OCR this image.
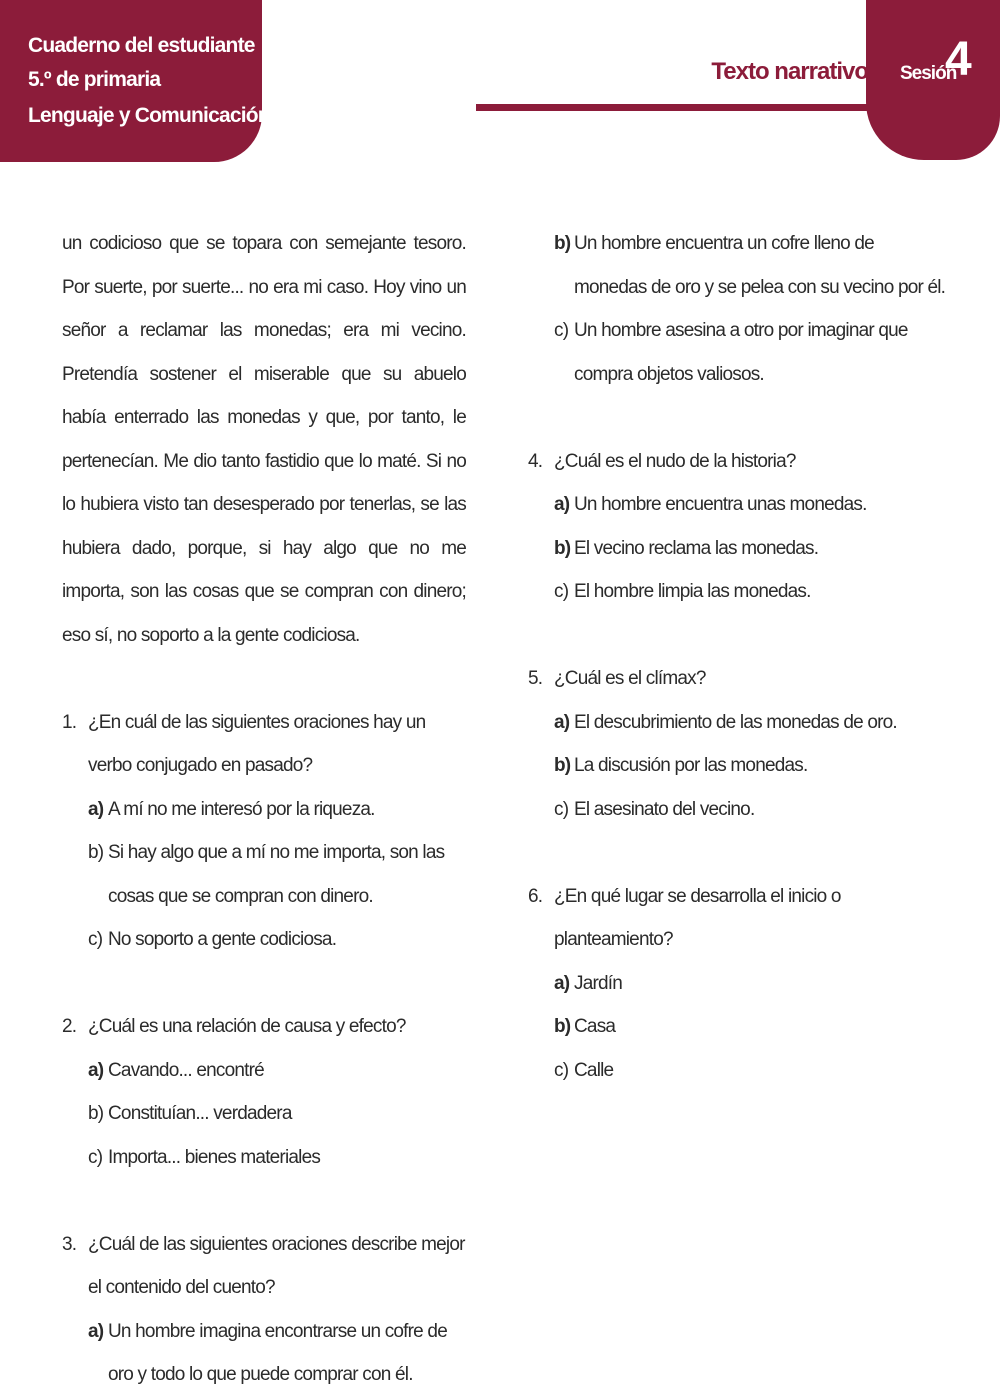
Cuaderno del estudiante
5.º de primaria
Lenguaje y Comunicación
Texto narrativo Sesión
4

un codicioso que se topara con semejante tesoro. Por suerte, por suerte... no era mi caso. Hoy vino un señor a reclamar las monedas; era mi vecino. Pretendía sostener el miserable que su abuelo había enterrado las monedas y que, por tanto, le pertenecían. Me dio tanto fastidio que lo maté. Si no lo hubiera visto tan desesperado por tenerlas, se las hubiera dado, porque, si hay algo que no me importa, son las cosas que se compran con dinero; eso sí, no soporto a la gente codiciosa.

1. ¿En cuál de las siguientes oraciones hay un verbo conjugado en pasado?
a) A mí no me interesó por la riqueza.
b) Si hay algo que a mí no me importa, son las cosas que se compran con dinero.
c) No soporto a gente codiciosa.
2. ¿Cuál es una relación de causa y efecto?
a) Cavando... encontré
b) Constituían... verdadera
c) Importa... bienes materiales
3. ¿Cuál de las siguientes oraciones describe mejor el contenido del cuento?
a) Un hombre imagina encontrarse un cofre de oro y todo lo que puede comprar con él.
b) Un hombre encuentra un cofre lleno de monedas de oro y se pelea con su vecino por él.
c) Un hombre asesina a otro por imaginar que compra objetos valiosos.
4. ¿Cuál es el nudo de la historia?
a) Un hombre encuentra unas monedas.
b) El vecino reclama las monedas.
c) El hombre limpia las monedas.
5. ¿Cuál es el clímax?
a) El descubrimiento de las monedas de oro.
b) La discusión por las monedas.
c) El asesinato del vecino.
6. ¿En qué lugar se desarrolla el inicio o planteamiento?
a) Jardín
b) Casa
c) Calle
